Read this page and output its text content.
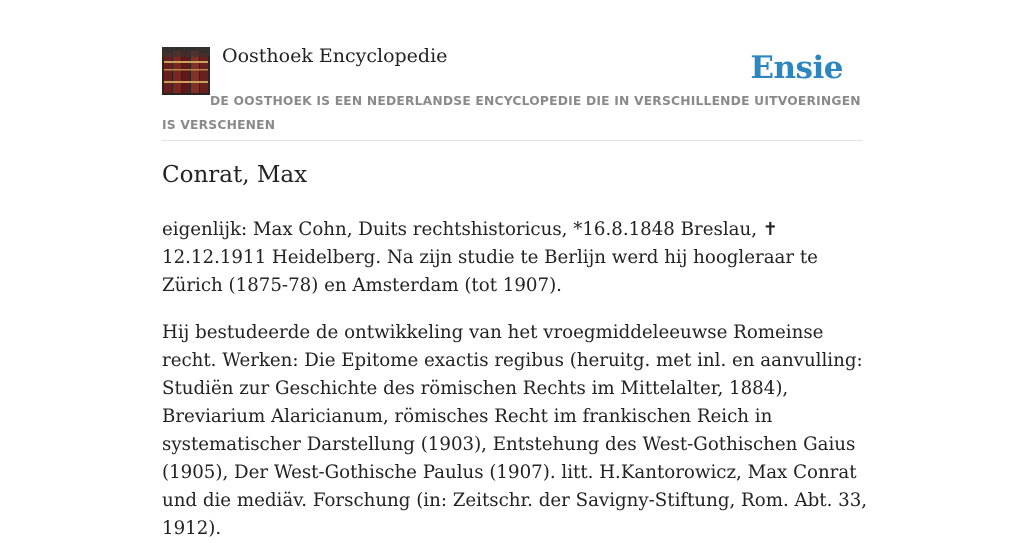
Oosthoek Encyclopedie	Ensie
DE OOSTHOEK IS EEN NEDERLANDSE ENCYCLOPEDIE DIE IN VERSCHILLENDE UITVOERINGEN IS VERSCHENEN
Conrat, Max

eigenlijk: Max Cohn, Duits rechtshistoricus, *16.8.1848 Breslau, ✝ 12.12.1911 Heidelberg. Na zijn studie te Berlijn werd hij hoogleraar te Zürich (1875-78) en Amsterdam (tot 1907).

Hij bestudeerde de ontwikkeling van het vroegmiddeleeuwse Romeinse recht. Werken: Die Epitome exactis regibus (heruitg. met inl. en aanvulling: Studiën zur Geschichte des römischen Rechts im Mittelalter, 1884), Breviarium Alaricianum, römisches Recht im frankischen Reich in systematischer Darstellung (1903), Entstehung des West-Gothischen Gaius (1905), Der West-Gothische Paulus (1907). litt. H.Kantorowicz, Max Conrat und die mediäv. Forschung (in: Zeitschr. der Savigny-Stiftung, Rom. Abt. 33, 1912).
